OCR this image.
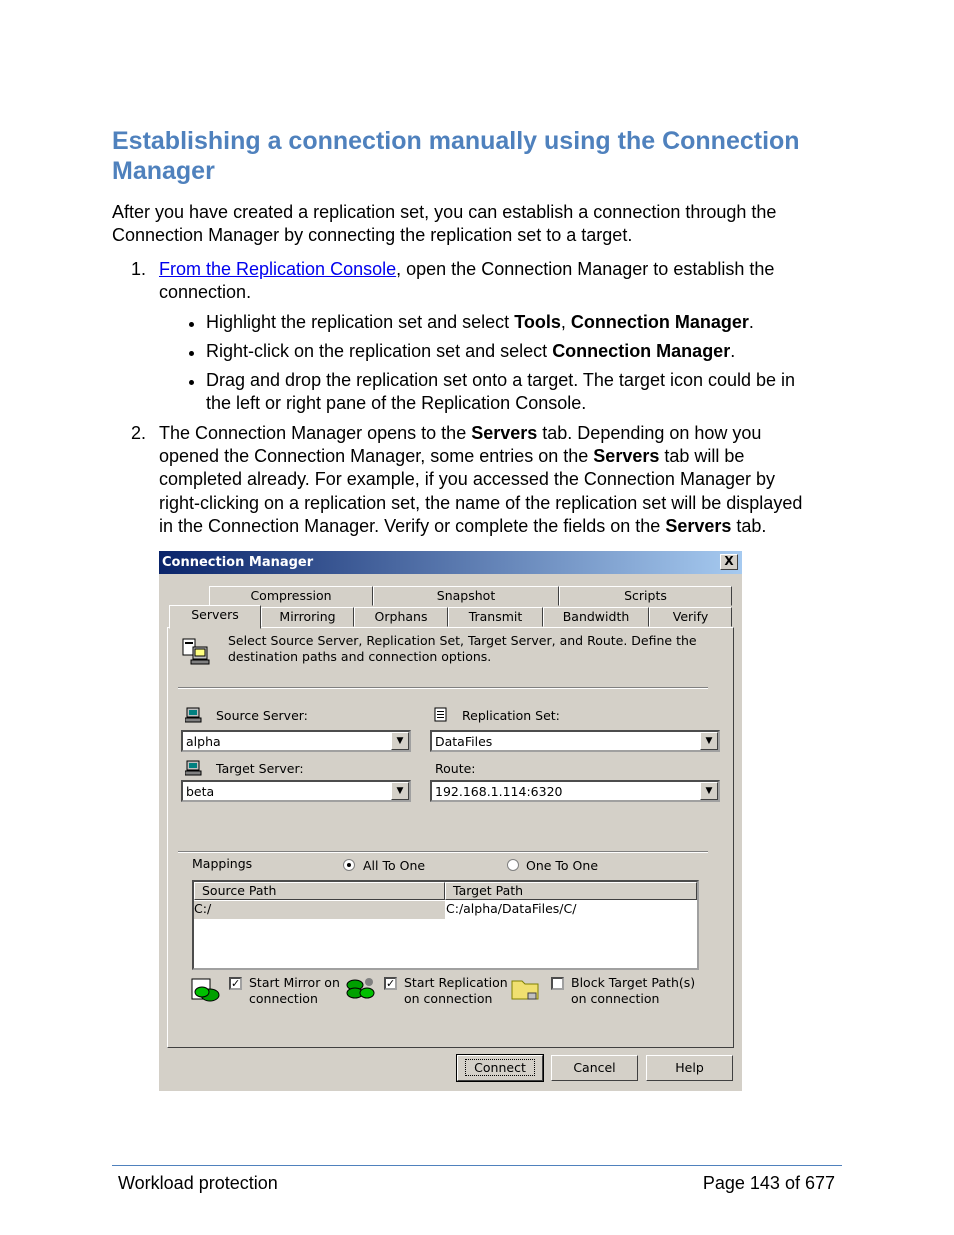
Establishing a connection manually using the Connection Manager
After you have created a replication set, you can establish a connection through the Connection Manager by connecting the replication set to a target.
1. From the Replication Console, open the Connection Manager to establish the
connection.
Highlight the replication set and select Tools, Connection Manager.
Right-click on the replication set and select Connection Manager.
Drag and drop the replication set onto a target. The target icon could be in
the left or right pane of the Replication Console.
2. The Connection Manager opens to the Servers tab. Depending on how you
opened the Connection Manager, some entries on the Servers tab will be
completed already. For example, if you accessed the Connection Manager by
right-clicking on a replication set, the name of the replication set will be displayed
in the Connection Manager. Verify or complete the fields on the Servers tab.
Connection Manager	X
Compression	Snapshot	Scripts
Servers	Mirroring	Orphans	Transmit	Bandwidth	Verify
Select Source Server, Replication Set, Target Server, and Route. Define the
destination paths and connection options.
Source Server:
alpha	▼
Replication Set:
DataFiles	▼
Target Server:
beta	▼
Route:
192.168.1.114:6320	▼
Mappings	All To One	One To One
Source Path	Target Path
C:/	C:/alpha/DataFiles/C/
✓ Start Mirror on
connection
✓ Start Replication
on connection
Block Target Path(s)
on connection
Connect	Cancel	Help
Workload protection	Page 143 of 677
